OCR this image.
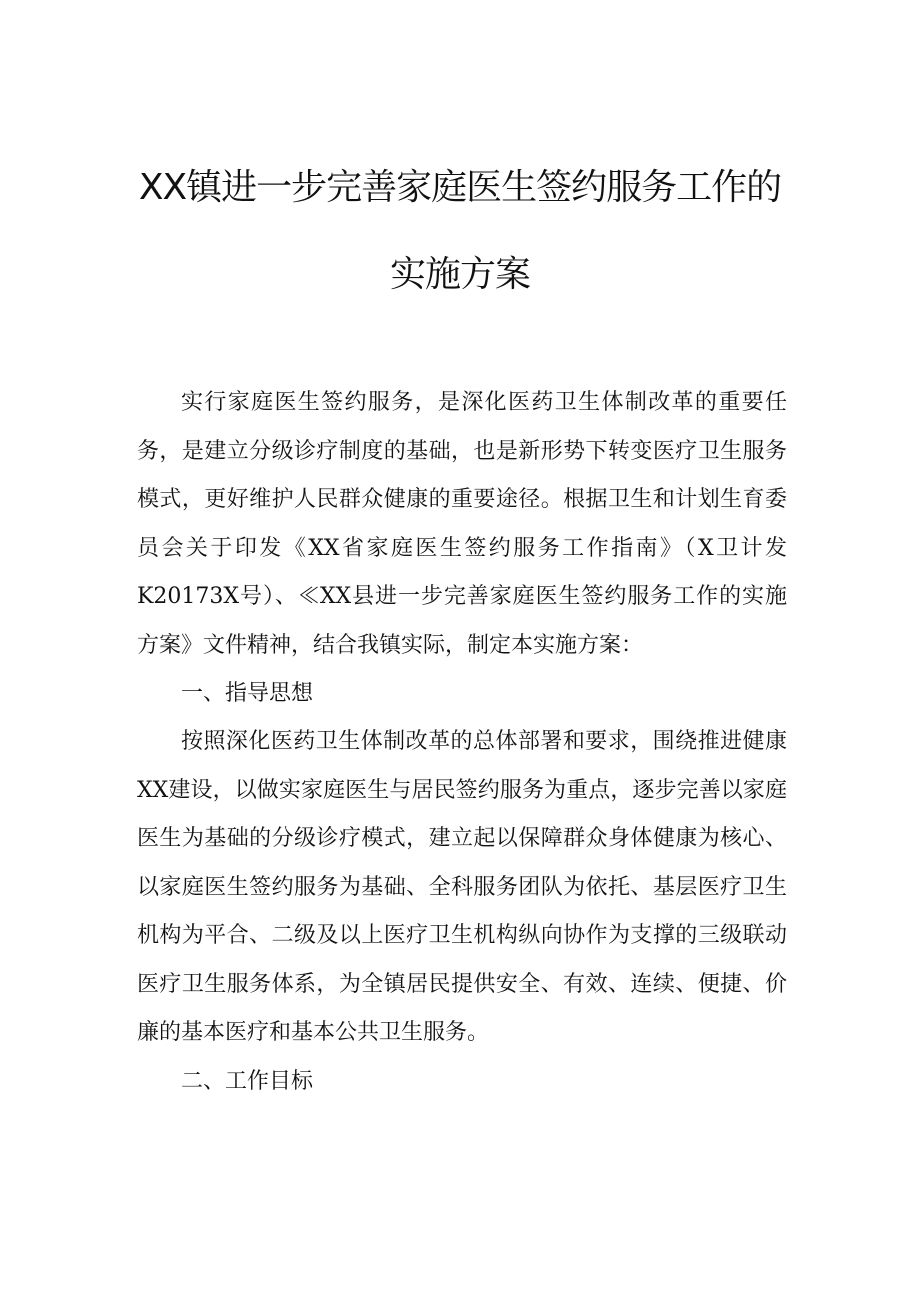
XX镇进一步完善家庭医生签约服务工作的
实施方案

实行家庭医生签约服务，是深化医药卫生体制改革的重要任务，是建立分级诊疗制度的基础，也是新形势下转变医疗卫生服务模式，更好维护人民群众健康的重要途径。根据卫生和计划生育委员会关于印发《XX省家庭医生签约服务工作指南》（X卫计发K20173X号）、≪XX县进一步完善家庭医生签约服务工作的实施方案》文件精神，结合我镇实际，制定本实施方案：

一、指导思想

按照深化医药卫生体制改革的总体部署和要求，围绕推进健康XX建设，以做实家庭医生与居民签约服务为重点，逐步完善以家庭医生为基础的分级诊疗模式，建立起以保障群众身体健康为核心、以家庭医生签约服务为基础、全科服务团队为依托、基层医疗卫生机构为平合、二级及以上医疗卫生机构纵向协作为支撑的三级联动医疗卫生服务体系，为全镇居民提供安全、有效、连续、便捷、价廉的基本医疗和基本公共卫生服务。

二、工作目标
